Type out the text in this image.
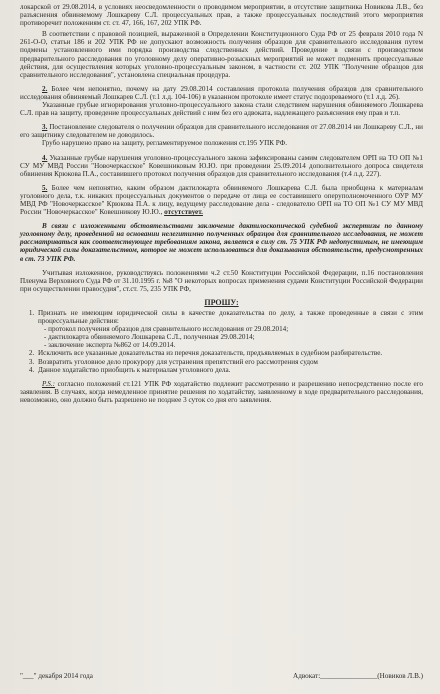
локарской от 29.08.2014, в условиях неосведомленности о проводимом мероприятии, в отсутствие защитника Новикова Л.В., без разъяснения обвиняемому Лошкареву С.Л. процессуальных прав, а также процессуальных последствий этого мероприятия противоречит положениям ст. ст. 47, 166, 167, 202 УПК РФ.

В соответствии с правовой позицией, выраженной в Определении Конституционного Суда РФ от 25 февраля 2010 года N 261-О-О, статьи 186 и 202 УПК РФ не допускают возможность получения образцов для сравнительного исследования путем подмены установленного ими порядка производства следственных действий. Проведение в связи с производством предварительного расследования по уголовному делу оперативно-розыскных мероприятий не может подменить процессуальные действия, для осуществления которых уголовно-процессуальным законом, в частности ст. 202 УПК "Получение образцов для сравнительного исследования", установлена специальная процедура.

2. Более чем непонятно, почему на дату 29.08.2014 составления протокола получения образцов для сравнительного исследования обвиняемый Лошкарев С.Л. (т.1 л.д. 104-106) в указанном протоколе имеет статус подозреваемого (т.1 л.д. 26).

Указанные грубые игнорирования уголовно-процессуального закона стали следствием нарушения обвиняемого Лошкарева С.Л. прав на защиту, проведение процессуальных действий с ним без его адвоката, надлежащего разъяснения ему прав и т.п.

3. Постановление следователя о получении образцов для сравнительного исследования от 27.08.2014 ни Лошкареву С.Л., ни его защитнику следователем не доводилось.

Грубо нарушено право на защиту, регламентируемое положения ст.195 УПК РФ.

4. Указанные грубые нарушения уголовно-процессуального закона зафиксированы самим следователем ОРП на ТО ОП №1 СУ МУ МВД России "Новочеркасское" Ковешниковым Ю.Ю. при проведении 25.09.2014 дополнительного допроса свидетеля обвинения Крюкова П.А., составившего протокол получения образцов для сравнительного исследования (т.4 л.д. 227).

5. Более чем непонятно, каким образом дактилокарта обвиняемого Лошкарева С.Л. была приобщена к материалам уголовного дела, т.к. никаких процессуальных документов о передаче от лица ее составившего оперуполномоченного ОУР МУ МВД РФ "Новочеркасское" Крюкова П.А. к лицу, ведущему расследование дела - следователю ОРП на ТО ОП №1 СУ МУ МВД России "Новочеркасское" Ковешникову Ю.Ю., отсутствует.

В связи с изложенными обстоятельствами заключение дактилоскопической судебной экспертизы по данному уголовному делу, проведенной на основании нелегитимно полученных образцов для сравнительного исследования, не может рассматриваться как соответствующее требованиям закона, является в силу ст. 75 УПК РФ недопустимым, не имеющим юридической силы доказательством, которое не может использоваться для доказывания обстоятельств, предусмотренных в ст. 73 УПК РФ.

Учитывая изложенное, руководствуясь положениями ч.2 ст.50 Конституции Российской Федерации, п.16 постановления Пленума Верховного Суда РФ от 31.10.1995 г. №8 "О некоторых вопросах применения судами Конституции Российской Федерации при осуществлении правосудия", ст.ст. 75, 235 УПК РФ,

ПРОШУ:
1. Признать не имеющим юридической силы в качестве доказательства по делу, а также проведенные в связи с этим процессуальные действия:
- протокол получения образцов для сравнительного исследования от 29.08.2014;
- дактилокарта обвиняемого Лошкарева С.Л., полученная 29.08.2014;
- заключение эксперта №862 от 14.09.2014.
2. Исключить все указанные доказательства из перечня доказательств, предъявляемых в судебном разбирательстве.
3. Возвратить уголовное дело прокурору для устранения препятствий его рассмотрения судом
4. Данное ходатайство приобщить к материалам уголовного дела.

P.S.: согласно положений ст.121 УПК РФ ходатайство подлежит рассмотрению и разрешению непосредственно после его заявления. В случаях, когда немедленное принятие решения по ходатайству, заявленному в ходе предварительного расследования, невозможно, оно должно быть разрешено не позднее 3 суток со дня его заявления.

"___" декабря 2014 года	Адвокат:________________(Новиков Л.В.)
